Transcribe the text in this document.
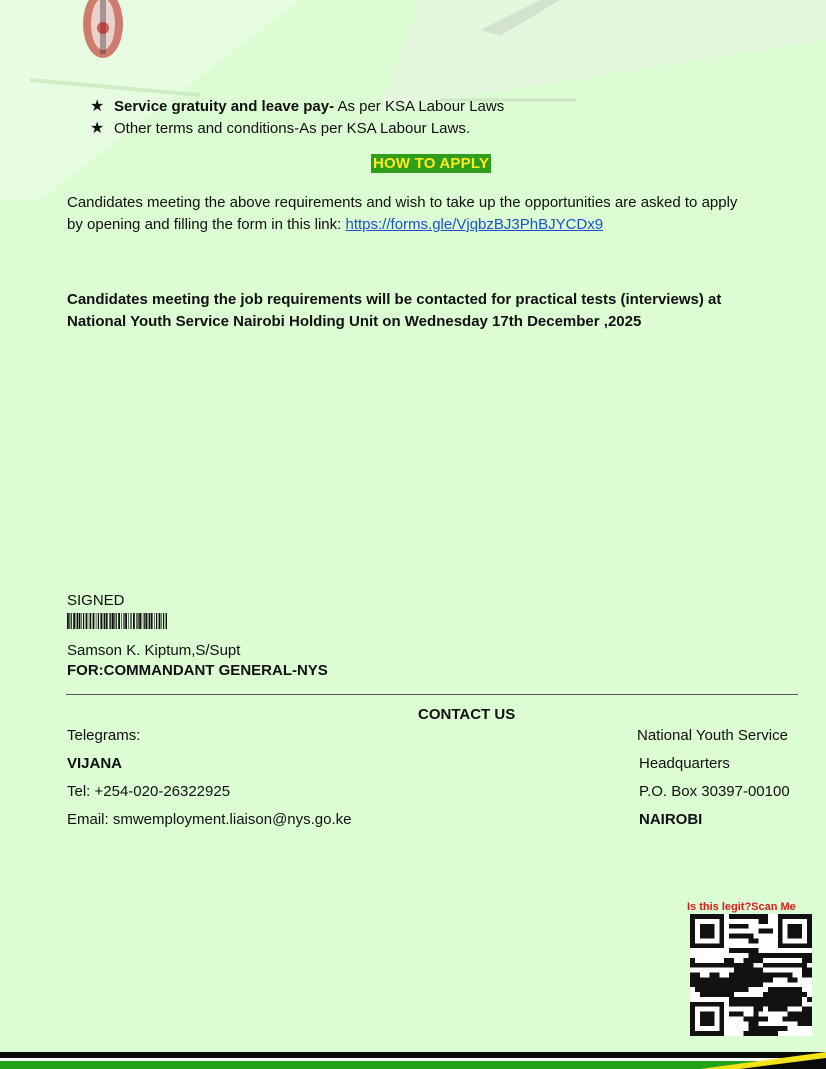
★ Service gratuity and leave pay- As per KSA Labour Laws
★ Other terms and conditions-As per KSA Labour Laws.
HOW TO APPLY
Candidates meeting the above requirements and wish to take up the opportunities are asked to apply
by opening and filling the form in this link: https://forms.gle/VjqbzBJ3PhBJYCDx9
Candidates meeting the job requirements will be contacted for practical tests (interviews) at
National Youth Service Nairobi Holding Unit on Wednesday 17th December ,2025
SIGNED
Samson K. Kiptum,S/Supt
FOR:COMMANDANT GENERAL-NYS
CONTACT US
Telegrams:
VIJANA
Tel: +254-020-26322925
Email: smwemployment.liaison@nys.go.ke
National Youth Service
Headquarters
P.O. Box 30397-00100
NAIROBI
Is this legit?Scan Me
